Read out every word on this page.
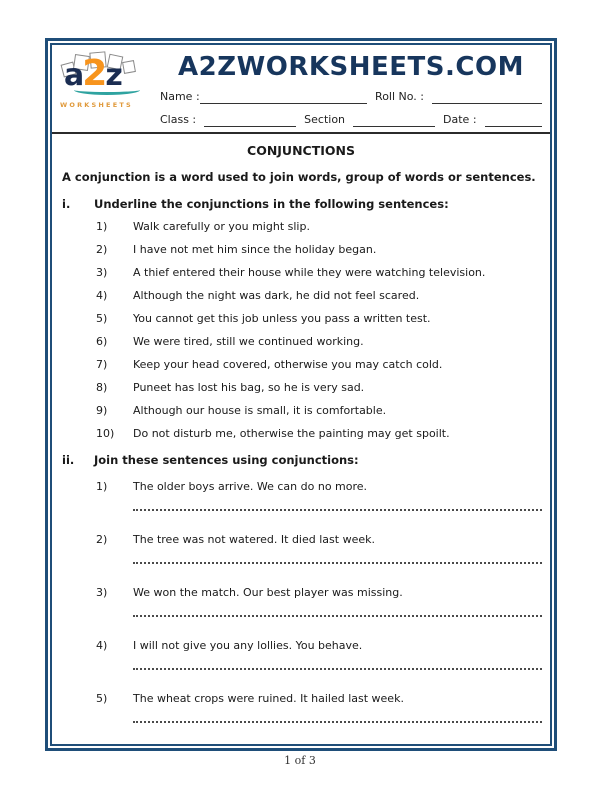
a2z
WORKSHEETS
A2ZWORKSHEETS.COM
Name :	Roll No. :
Class :	Section	Date :
CONJUNCTIONS
A conjunction is a word used to join words, group of words or sentences.
i.	Underline the conjunctions in the following sentences:
1)	Walk carefully or you might slip.
2)	I have not met him since the holiday began.
3)	A thief entered their house while they were watching television.
4)	Although the night was dark, he did not feel scared.
5)	You cannot get this job unless you pass a written test.
6)	We were tired, still we continued working.
7)	Keep your head covered, otherwise you may catch cold.
8)	Puneet has lost his bag, so he is very sad.
9)	Although our house is small, it is comfortable.
10)	Do not disturb me, otherwise the painting may get spoilt.
ii.	Join these sentences using conjunctions:
1)	The older boys arrive. We can do no more.
2)	The tree was not watered. It died last week.
3)	We won the match. Our best player was missing.
4)	I will not give you any lollies. You behave.
5)	The wheat crops were ruined. It hailed last week.
1 of 3
